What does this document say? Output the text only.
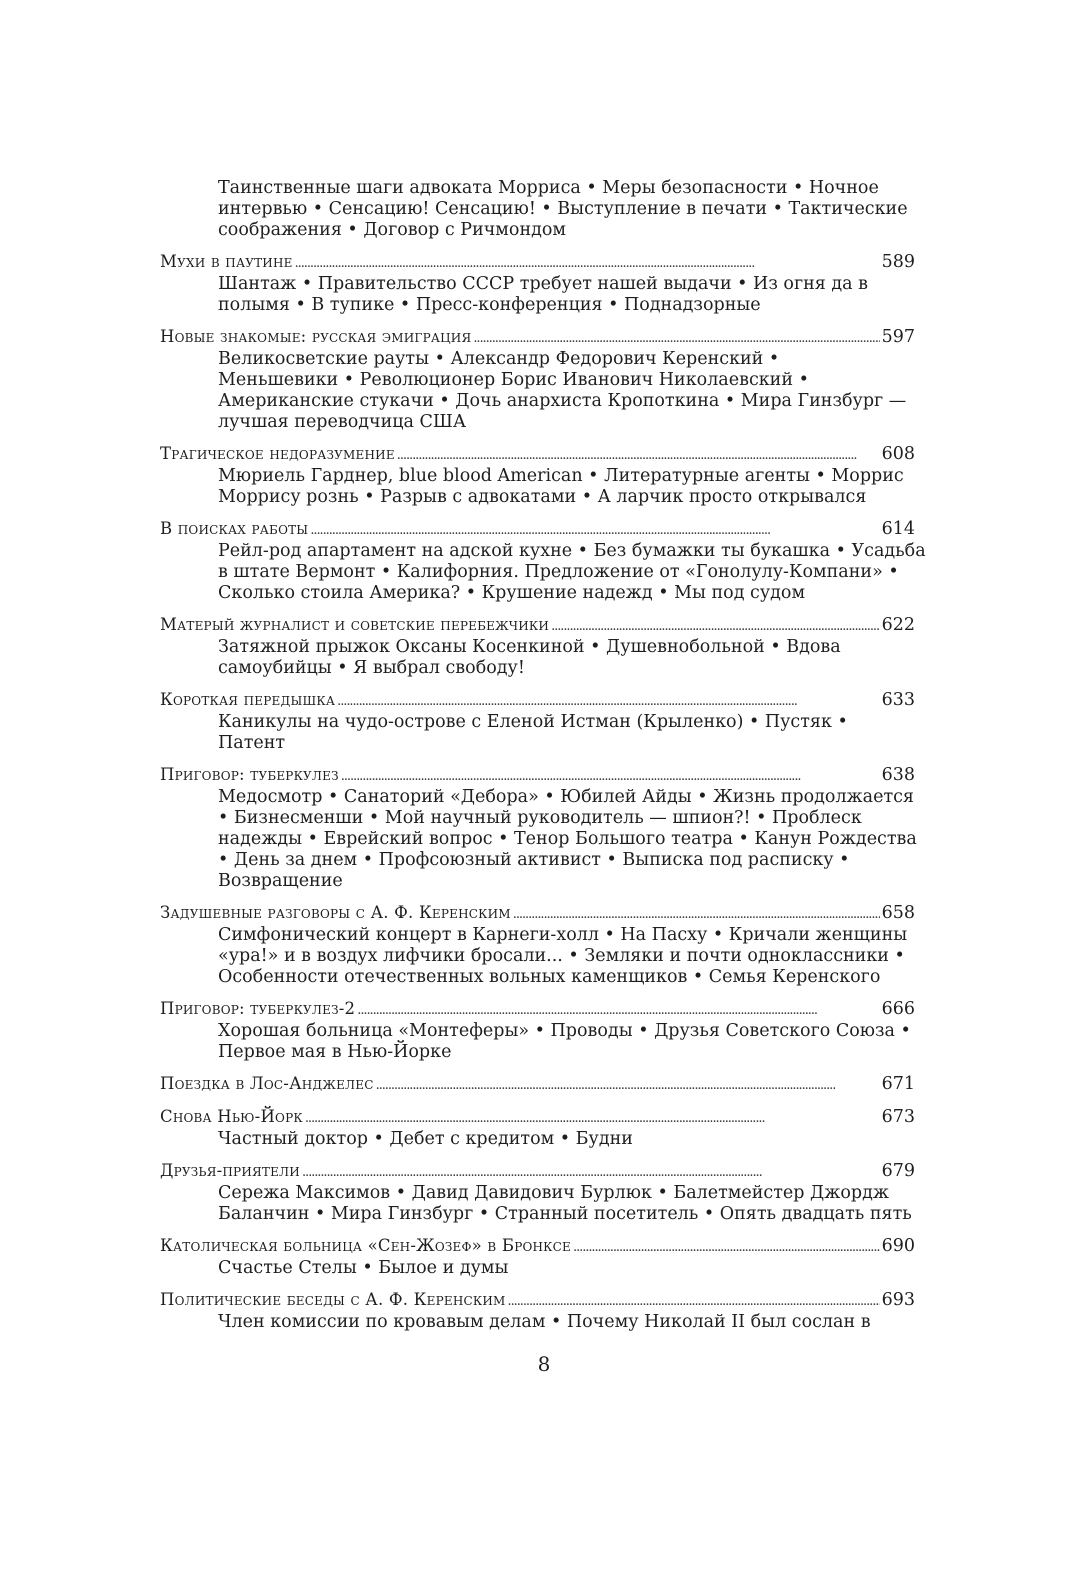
Таинственные шаги адвоката Морриса • Меры безопасности • Ночное
интервью • Сенсацию! Сенсацию! • Выступление в печати • Тактические
соображения • Договор с Ричмондом
Мухи в паутине . . .	589
Шантаж • Правительство СССР требует нашей выдачи • Из огня да в
полымя • В тупике • Пресс-конференция • Поднадзорные
Новые знакомые: русская эмиграция . . .	597
Великосветские рауты • Александр Федорович Керенский •
Меньшевики • Революционер Борис Иванович Николаевский •
Американские стукачи • Дочь анархиста Кропоткина • Мира Гинзбург —
лучшая переводчица США
Трагическое недоразумение . . .	608
Мюриель Гарднер, blue blood American • Литературные агенты • Моррис
Моррису рознь • Разрыв с адвокатами • А ларчик просто открывался
В поисках работы . . .	614
Рейл-род апартамент на адской кухне • Без бумажки ты букашка • Усадьба
в штате Вермонт • Калифорния. Предложение от «Гонолулу-Компани» •
Сколько стоила Америка? • Крушение надежд • Мы под судом
Матерый журналист и советские перебежчики . . .	622
Затяжной прыжок Оксаны Косенкиной • Душевнобольной • Вдова
самоубийцы • Я выбрал свободу!
Короткая передышка . . .	633
Каникулы на чудо-острове с Еленой Истман (Крыленко) • Пустяк •
Патент
Приговор: туберкулез . . .	638
Медосмотр • Санаторий «Дебора» • Юбилей Айды • Жизнь продолжается
• Бизнесменши • Мой научный руководитель — шпион?! • Проблеск
надежды • Еврейский вопрос • Тенор Большого театра • Канун Рождества
• День за днем • Профсоюзный активист • Выписка под расписку •
Возвращение
Задушевные разговоры с А. Ф. Керенским . . .	658
Симфонический концерт в Карнеги-холл • На Пасху • Кричали женщины
«ура!» и в воздух лифчики бросали... • Земляки и почти одноклассники •
Особенности отечественных вольных каменщиков • Семья Керенского
Приговор: туберкулез-2 . . .	666
Хорошая больница «Монтеферы» • Проводы • Друзья Советского Союза •
Первое мая в Нью-Йорке
Поездка в Лос-Анджелес . . .	671
Снова Нью-Йорк . . .	673
Частный доктор • Дебет с кредитом • Будни
Друзья-приятели . . .	679
Сережа Максимов • Давид Давидович Бурлюк • Балетмейстер Джордж
Баланчин • Мира Гинзбург • Странный посетитель • Опять двадцать пять
Католическая больница «Сен-Жозеф» в Бронксе . . .	690
Счастье Стелы • Былое и думы
Политические беседы с А. Ф. Керенским . . .	693
Член комиссии по кровавым делам • Почему Николай II был сослан в
8
